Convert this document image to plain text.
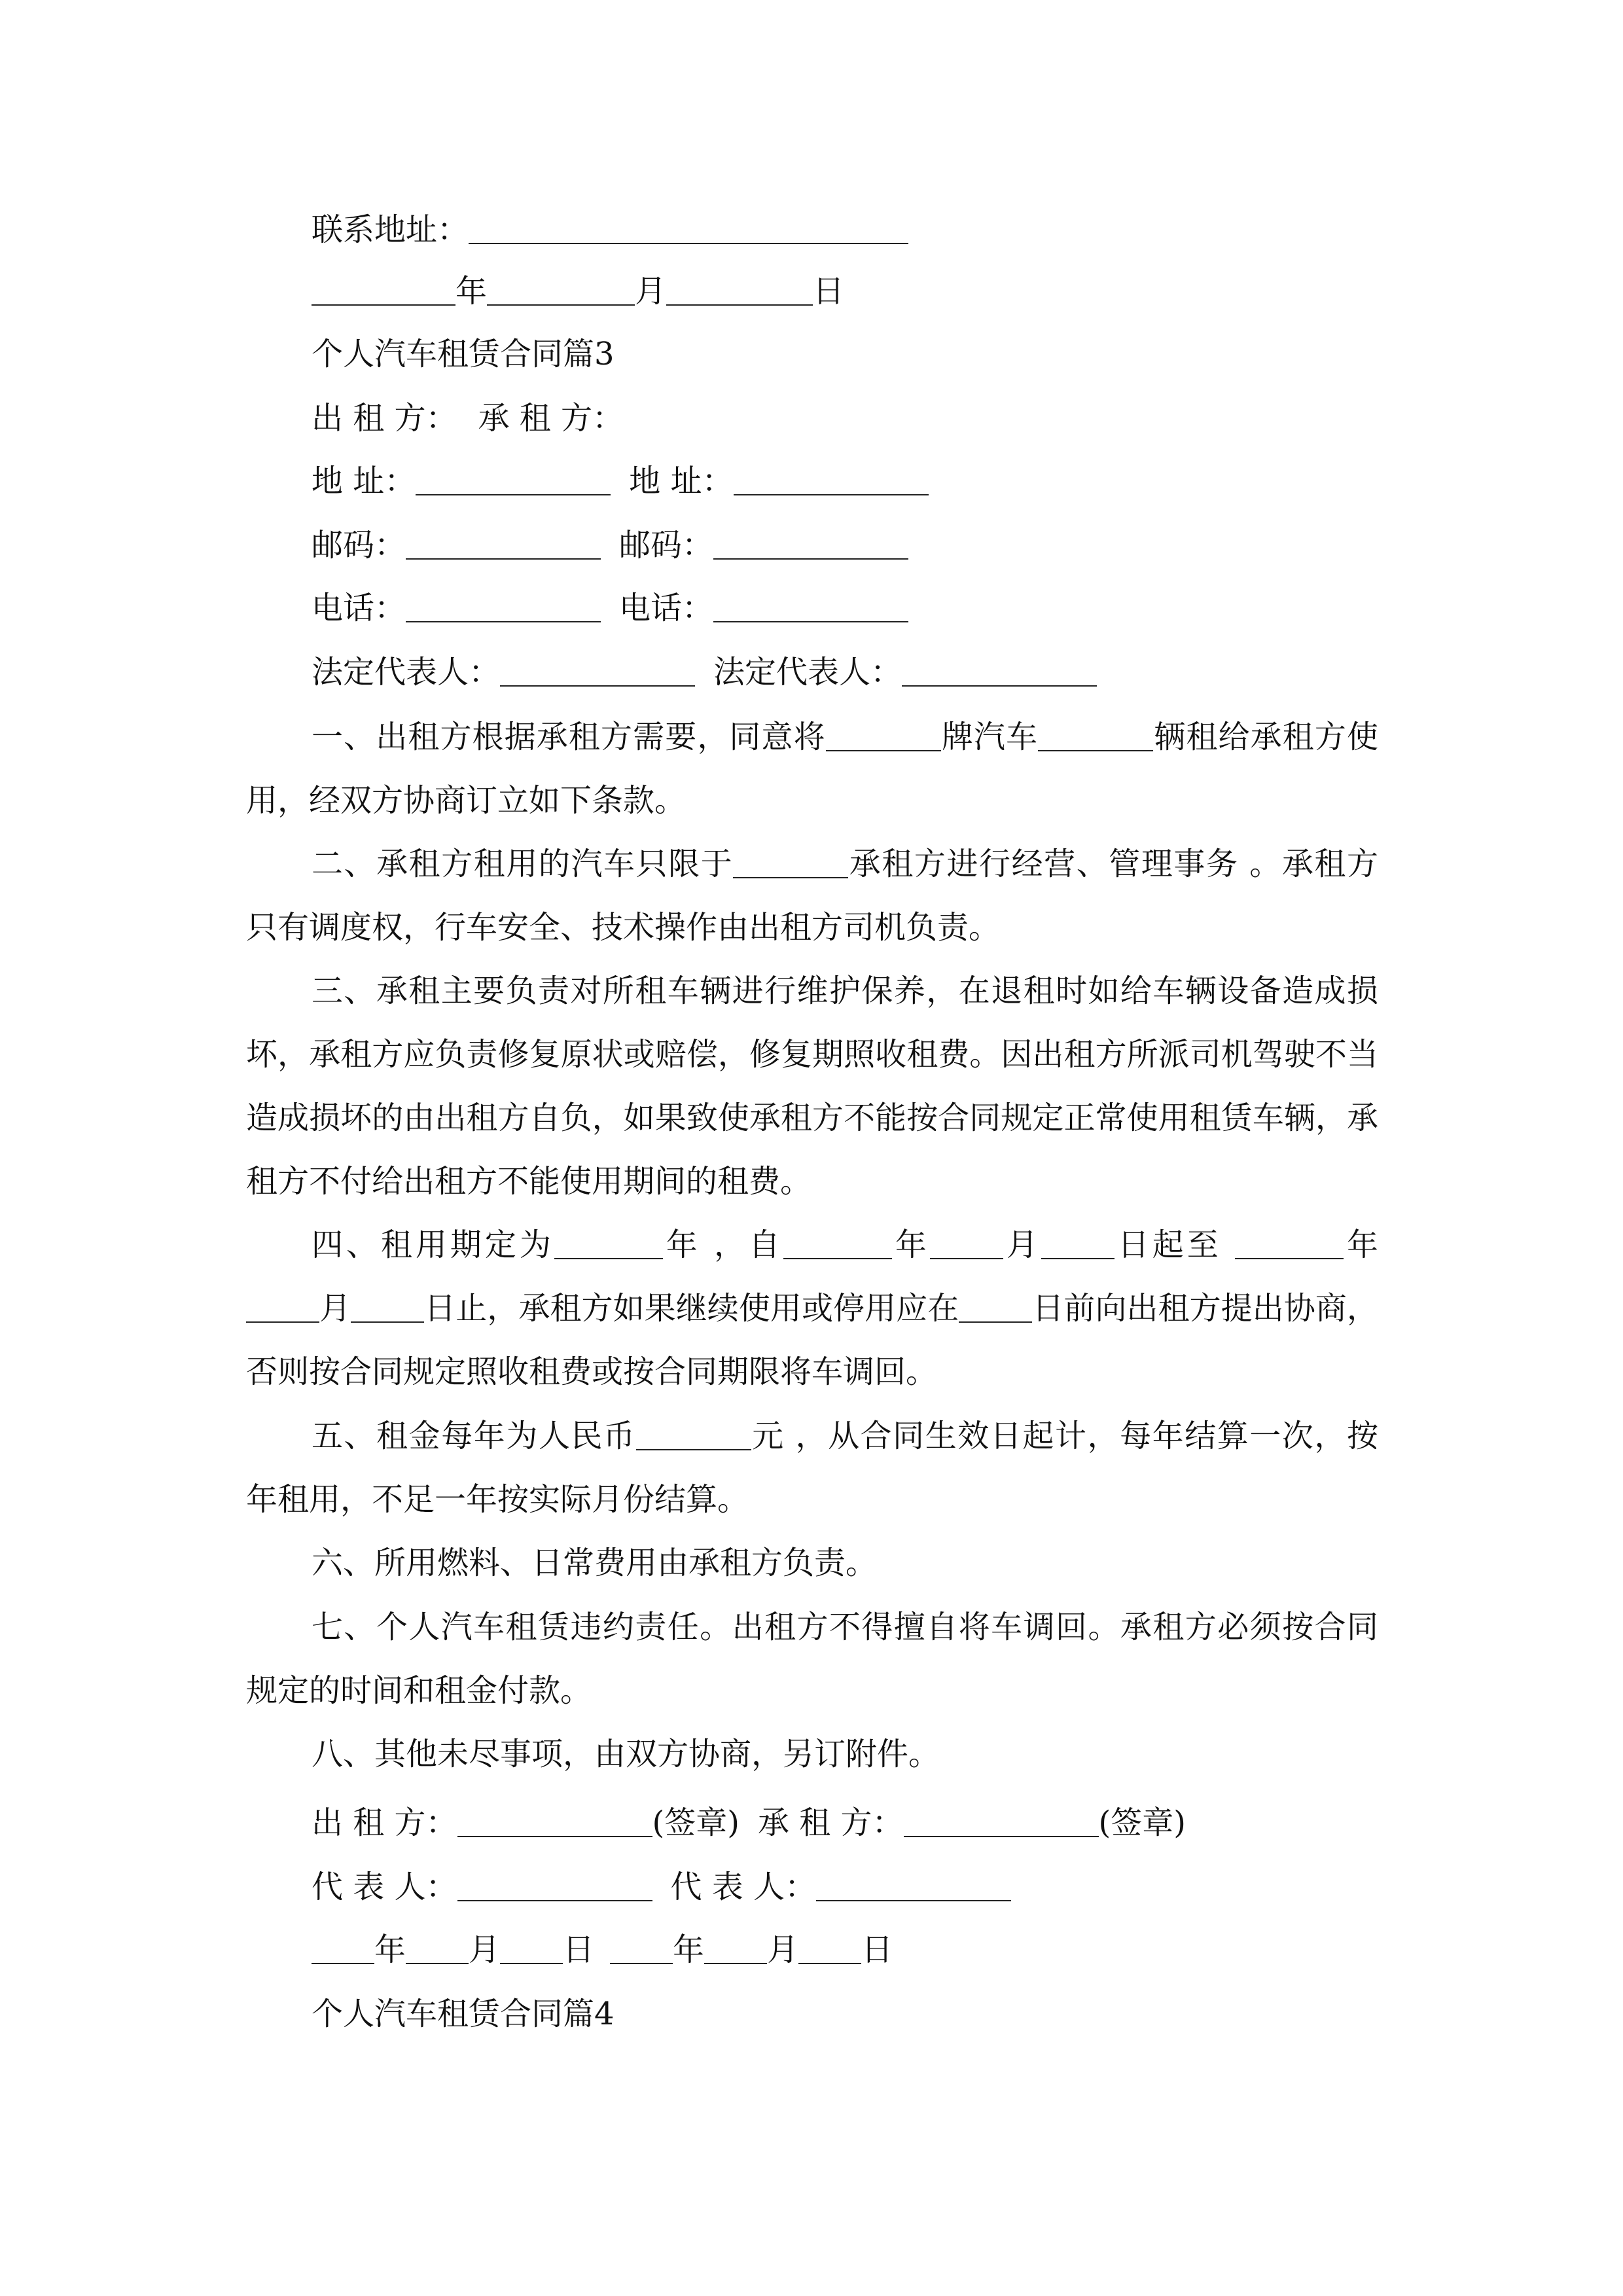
联系地址：
年	月	日
个人汽车租赁合同篇3
出 租 方： 承 租 方：
地 址：	地 址：
邮码：	邮码：
电话：	电话：
法定代表人：	法定代表人：
一、出租方根据承租方需要，同意将	牌汽车	辆租给承租方使用，经双方协商订立如下条款。
二、承租方租用的汽车只限于	承租方进行经营、管理事务 。承租方只有调度权，行车安全、技术操作由出租方司机负责。
三、承租主要负责对所租车辆进行维护保养，在退租时如给车辆设备造成损坏，承租方应负责修复原状或赔偿，修复期照收租费。因出租方所派司机驾驶不当造成损坏的由出租方自负，如果致使承租方不能按合同规定正常使用租赁车辆，承租方不付给出租方不能使用期间的租费。
四、租用期定为	年 ，自	年 月 日起至	年月 日止，承租方如果继续使用或停用应在 日前向出租方提出协商，否则按合同规定照收租费或按合同期限将车调回。
五、租金每年为人民币	元 ，从合同生效日起计，每年结算一次，按年租用，不足一年按实际月份结算。
六、所用燃料、日常费用由承租方负责。
七、个人汽车租赁违约责任。出租方不得擅自将车调回。承租方必须按合同规定的时间和租金付款。
八、其他未尽事项，由双方协商，另订附件。
出 租 方：	(签章) 承 租 方：	(签章)
代 表 人：	代 表 人：
年 月 日	年 月 日
个人汽车租赁合同篇4
